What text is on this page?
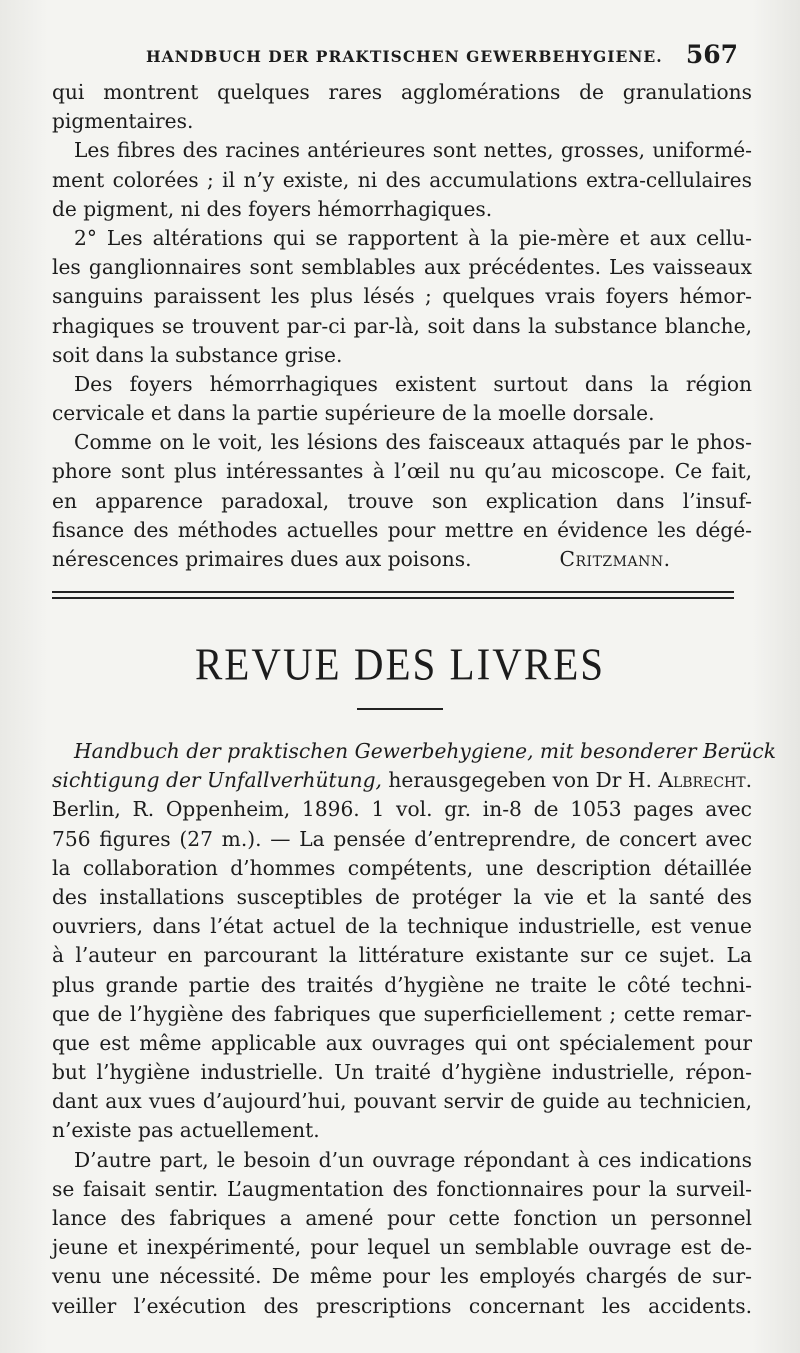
HANDBUCH DER PRAKTISCHEN GEWERBEHYGIENE. 567
qui montrent quelques rares agglomérations de granulations
pigmentaires.
Les fibres des racines antérieures sont nettes, grosses, uniformé-
ment colorées ; il n’y existe, ni des accumulations extra-cellulaires
de pigment, ni des foyers hémorrhagiques.
2° Les altérations qui se rapportent à la pie-mère et aux cellu-
les ganglionnaires sont semblables aux précédentes. Les vaisseaux
sanguins paraissent les plus lésés ; quelques vrais foyers hémor-
rhagiques se trouvent par-ci par-là, soit dans la substance blanche,
soit dans la substance grise.
Des foyers hémorrhagiques existent surtout dans la région
cervicale et dans la partie supérieure de la moelle dorsale.
Comme on le voit, les lésions des faisceaux attaqués par le phos-
phore sont plus intéressantes à l’œil nu qu’au micoscope. Ce fait,
en apparence paradoxal, trouve son explication dans l’insuf-
fisance des méthodes actuelles pour mettre en évidence les dégé-
nérescences primaires dues aux poisons.	Critzmann.
REVUE DES LIVRES
Handbuch der praktischen Gewerbehygiene, mit besonderer Berück
sichtigung der Unfallverhütung, herausgegeben von Dr H. Albrecht.
Berlin, R. Oppenheim, 1896. 1 vol. gr. in-8 de 1053 pages avec
756 figures (27 m.). — La pensée d’entreprendre, de concert avec
la collaboration d’hommes compétents, une description détaillée
des installations susceptibles de protéger la vie et la santé des
ouvriers, dans l’état actuel de la technique industrielle, est venue
à l’auteur en parcourant la littérature existante sur ce sujet. La
plus grande partie des traités d’hygiène ne traite le côté techni-
que de l’hygiène des fabriques que superficiellement ; cette remar-
que est même applicable aux ouvrages qui ont spécialement pour
but l’hygiène industrielle. Un traité d’hygiène industrielle, répon-
dant aux vues d’aujourd’hui, pouvant servir de guide au technicien,
n’existe pas actuellement.
D’autre part, le besoin d’un ouvrage répondant à ces indications
se faisait sentir. L’augmentation des fonctionnaires pour la surveil-
lance des fabriques a amené pour cette fonction un personnel
jeune et inexpérimenté, pour lequel un semblable ouvrage est de-
venu une nécessité. De même pour les employés chargés de sur-
veiller l’exécution des prescriptions concernant les accidents.
